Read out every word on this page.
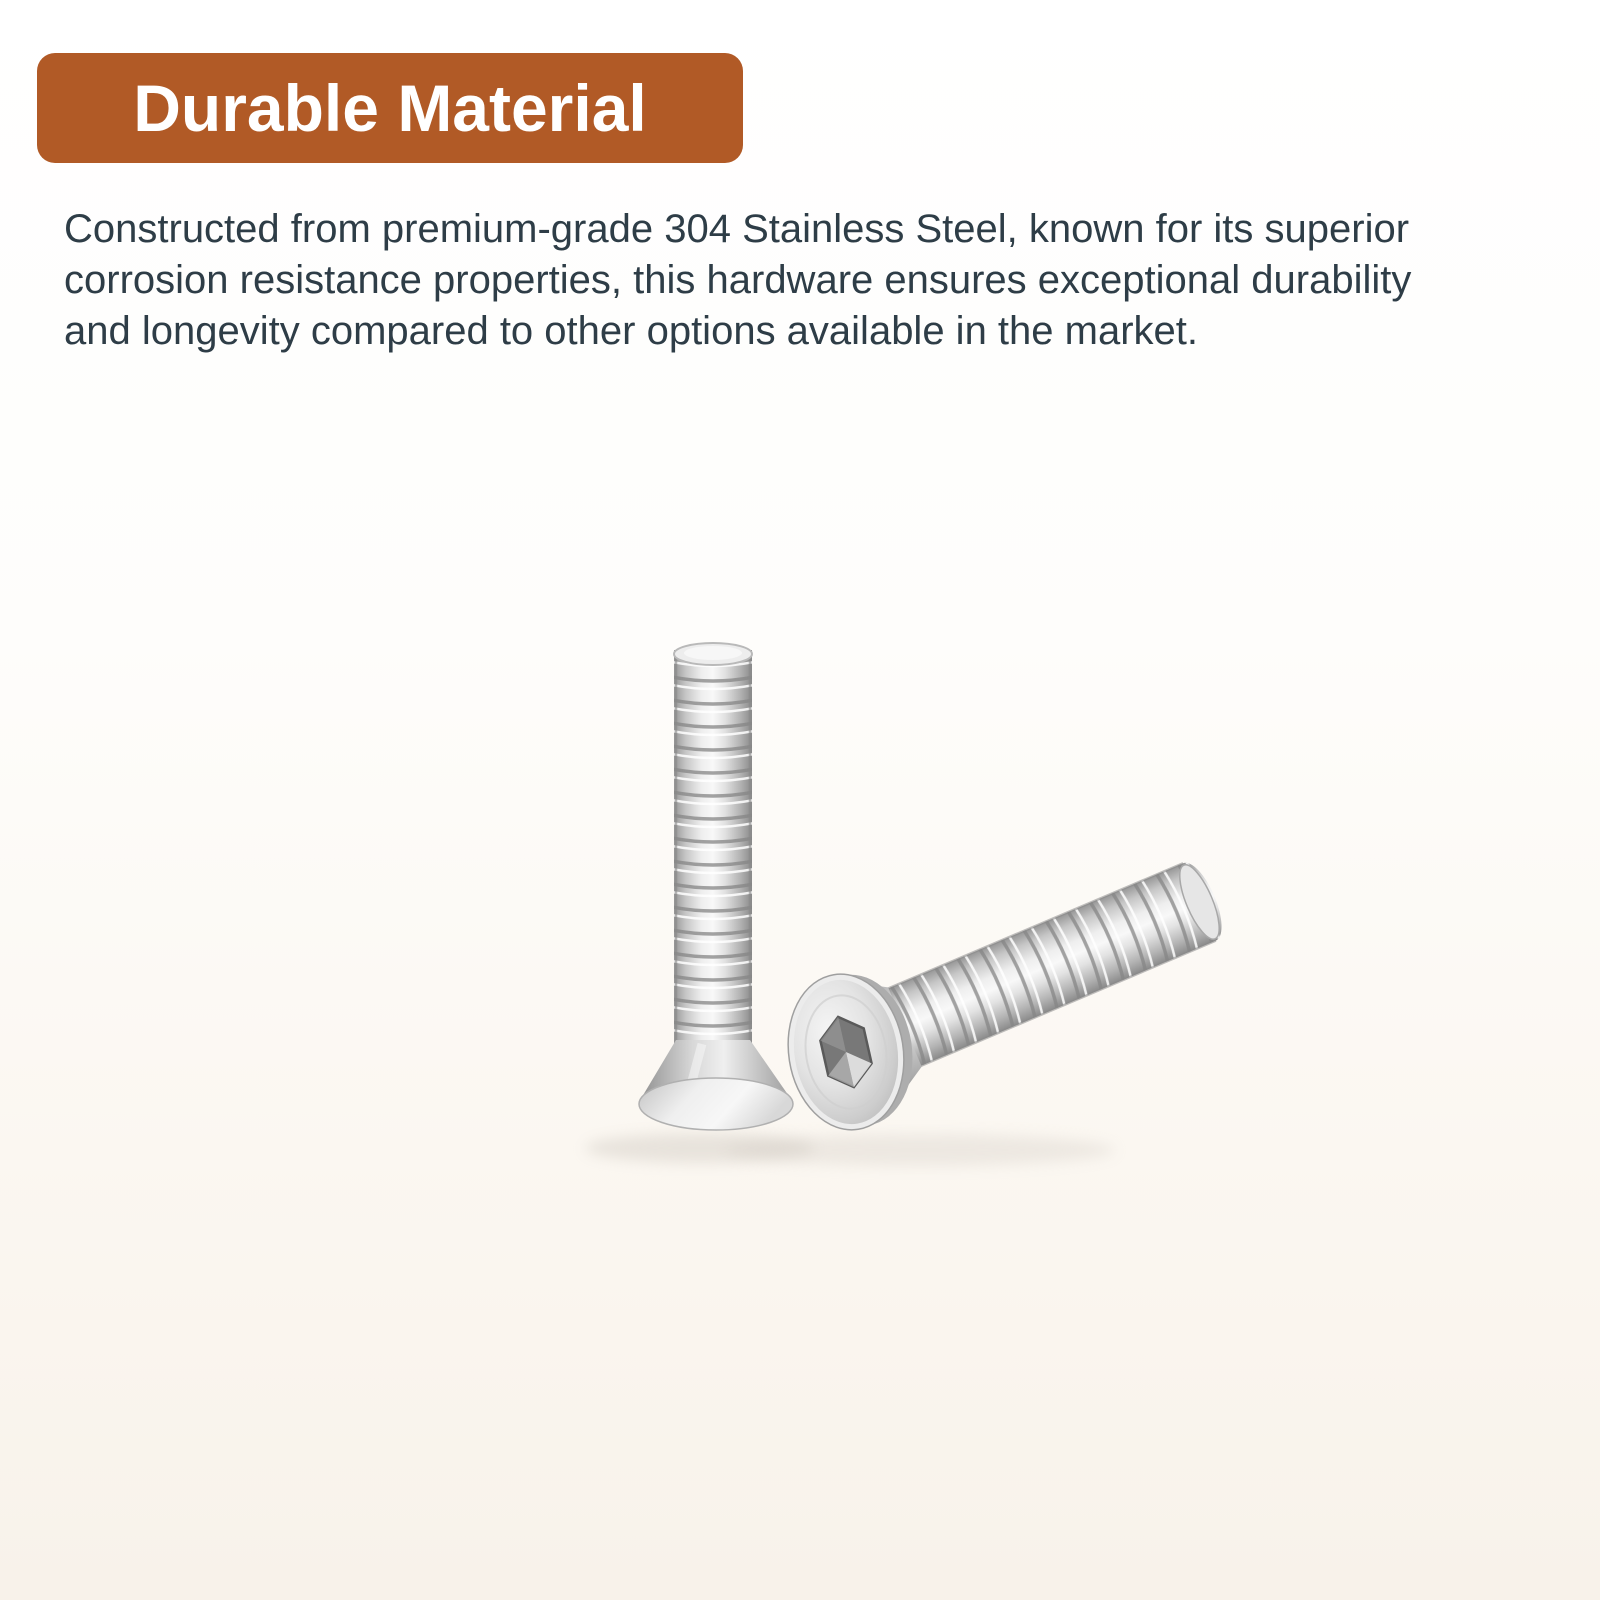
Durable Material
Constructed from premium-grade 304 Stainless Steel, known for its superior
corrosion resistance properties, this hardware ensures exceptional durability
and longevity compared to other options available in the market.
